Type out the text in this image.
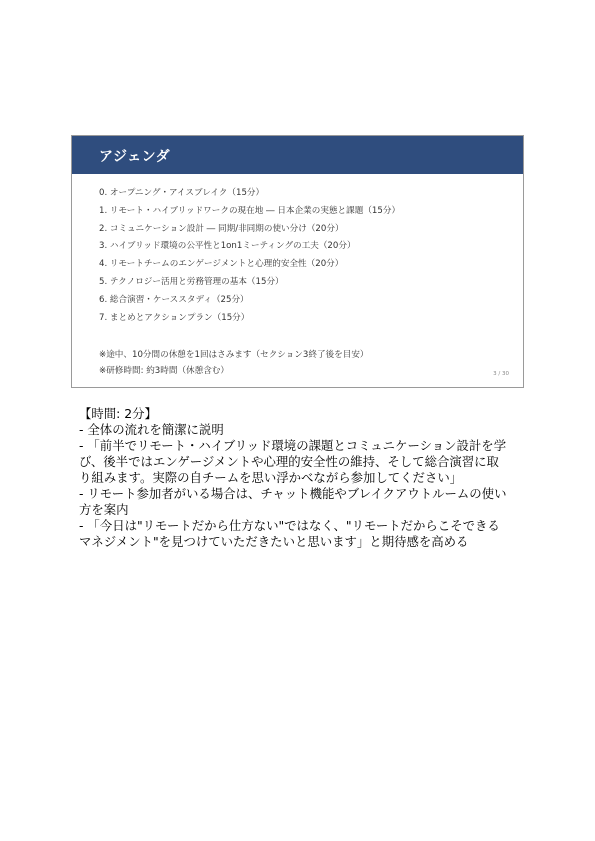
アジェンダ
0. オープニング・アイスブレイク（15分）
1. リモート・ハイブリッドワークの現在地 ― 日本企業の実態と課題（15分）
2. コミュニケーション設計 ― 同期/非同期の使い分け（20分）
3. ハイブリッド環境の公平性と1on1ミーティングの工夫（20分）
4. リモートチームのエンゲージメントと心理的安全性（20分）
5. テクノロジー活用と労務管理の基本（15分）
6. 総合演習・ケーススタディ（25分）
7. まとめとアクションプラン（15分）
※途中、10分間の休憩を1回はさみます（セクション3終了後を目安）
※研修時間: 約3時間（休憩含む）	3 / 30
【時間: 2分】
- 全体の流れを簡潔に説明
- 「前半でリモート・ハイブリッド環境の課題とコミュニケーション設計を学
び、後半ではエンゲージメントや心理的安全性の維持、そして総合演習に取
り組みます。実際の自チームを思い浮かべながら参加してください」
- リモート参加者がいる場合は、チャット機能やブレイクアウトルームの使い
方を案内
- 「今日は"リモートだから仕方ない"ではなく、"リモートだからこそできる
マネジメント"を見つけていただきたいと思います」と期待感を高める
